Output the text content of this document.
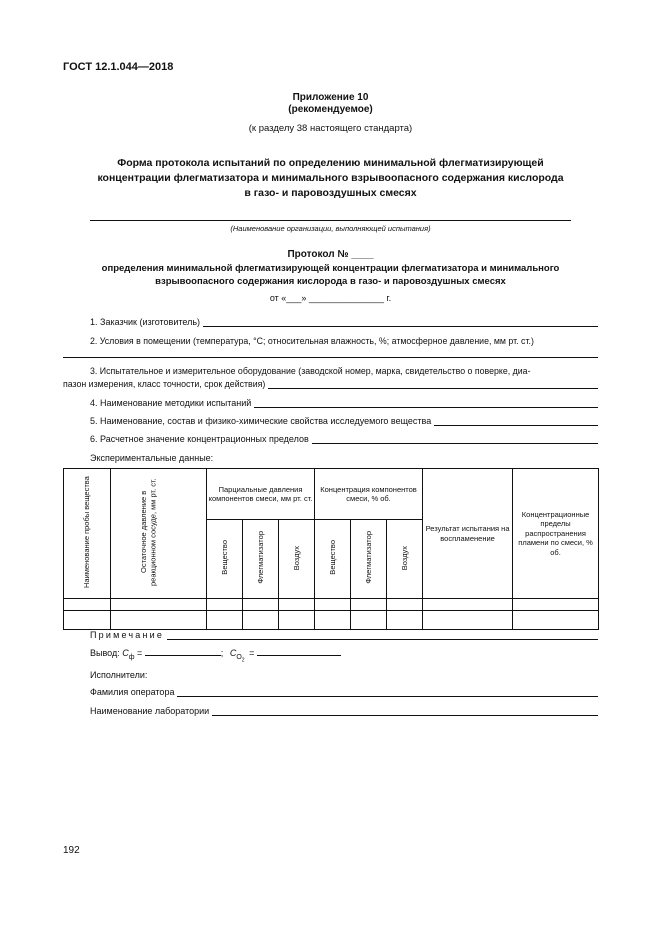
ГОСТ 12.1.044—2018
Приложение 10
(рекомендуемое)
(к разделу 38 настоящего стандарта)
Форма протокола испытаний по определению минимальной флегматизирующей
концентрации флегматизатора и минимального взрывоопасного содержания кислорода
в газо- и паровоздушных смесях
(Наименование организации, выполняющей испытания)
Протокол № ____
определения минимальной флегматизирующей концентрации флегматизатора и минимального
взрывоопасного содержания кислорода в газо- и паровоздушных смесях
от «___» _______________ г.
1. Заказчик (изготовитель)
2. Условия в помещении (температура, °С; относительная влажность, %; атмосферное давление, мм рт. ст.)
3. Испытательное и измерительное оборудование (заводской номер, марка, свидетельство о поверке, диа-
пазон измерения, класс точности, срок действия)
4. Наименование методики испытаний
5. Наименование, состав и физико-химические свойства исследуемого вещества
6. Расчетное значение концентрационных пределов
Экспериментальные данные:
Наименование пробы вещества	Остаточное давление в реакционном сосуде, мм рт. ст.	Парциальные давления компонентов смеси, мм рт. ст.			Концентрация компонентов смеси, % об.			Результат испытания на воспламенение	Концентрационные пределы распространения пламени по смеси, % об.
		Вещество	Флегматизатор	Воздух	Вещество	Флегматизатор	Воздух		

Примечание
Вывод: $С_ф$ =	; $С_{О_2}$ =
Исполнители:
Фамилия оператора
Наименование лаборатории
192
